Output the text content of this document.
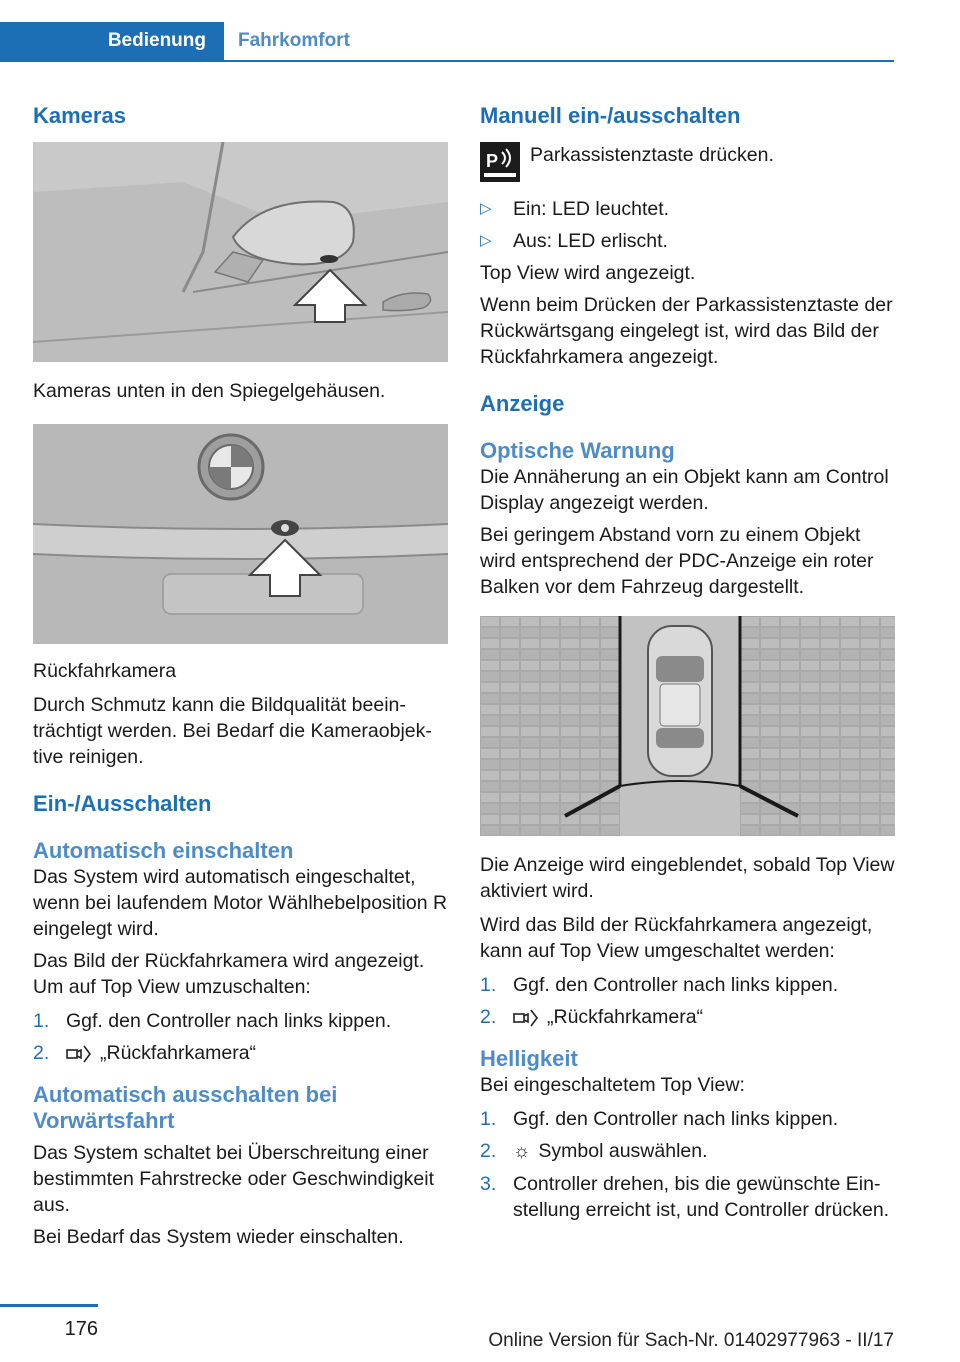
Bedienung	Fahrkomfort
Kameras

Kameras unten in den Spiegelgehäusen.

Rückfahrkamera

Durch Schmutz kann die Bildqualität beeinträchtigt werden. Bei Bedarf die Kameraobjektive reinigen.

Ein-/Ausschalten
Automatisch einschalten

Das System wird automatisch eingeschaltet, wenn bei laufendem Motor Wählhebelposition R eingelegt wird.

Das Bild der Rückfahrkamera wird angezeigt. Um auf Top View umzuschalten:

1. Ggf. den Controller nach links kippen.
2.	„Rückfahrkamera“
Automatisch ausschalten bei Vorwärtsfahrt

Das System schaltet bei Überschreitung einer bestimmten Fahrstrecke oder Geschwindigkeit aus.

Bei Bedarf das System wieder einschalten.

Manuell ein-/ausschalten
P	Parkassistenztaste drücken.

▷ Ein: LED leuchtet.
▷ Aus: LED erlischt.

Top View wird angezeigt.

Wenn beim Drücken der Parkassistenztaste der Rückwärtsgang eingelegt ist, wird das Bild der Rückfahrkamera angezeigt.

Anzeige
Optische Warnung

Die Annäherung an ein Objekt kann am Control Display angezeigt werden.

Bei geringem Abstand vorn zu einem Objekt wird entsprechend der PDC-Anzeige ein roter Balken vor dem Fahrzeug dargestellt.

Die Anzeige wird eingeblendet, sobald Top View aktiviert wird.

Wird das Bild der Rückfahrkamera angezeigt, kann auf Top View umgeschaltet werden:

1. Ggf. den Controller nach links kippen.
2.	„Rückfahrkamera“
Helligkeit

Bei eingeschaltetem Top View:

1. Ggf. den Controller nach links kippen.
2. ☼ Symbol auswählen.
3. Controller drehen, bis die gewünschte Einstellung erreicht ist, und Controller drücken.
176
Online Version für Sach-Nr. 01402977963 - II/17
